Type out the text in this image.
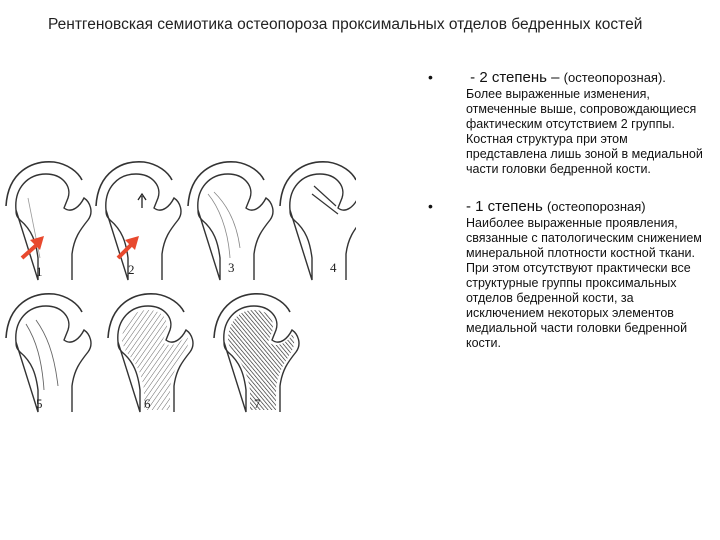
Рентгеновская семиотика остеопороза проксимальных отделов бедренных костей
1	2	3	4
5	6	7
• - 2 степень – (остеопорозная).
Более выраженные изменения, отмеченные выше, сопровождающиеся фактическим отсутствием 2 группы. Костная структура при этом представлена лишь зоной в медиальной части головки бедренной кости.
• - 1 степень (остеопорозная)
Наиболее выраженные проявления, связанные с патологическим снижением минеральной плотности костной ткани. При этом отсутствуют практически все структурные группы проксимальных отделов бедренной кости, за исключением некоторых элементов медиальной части головки бедренной кости.
